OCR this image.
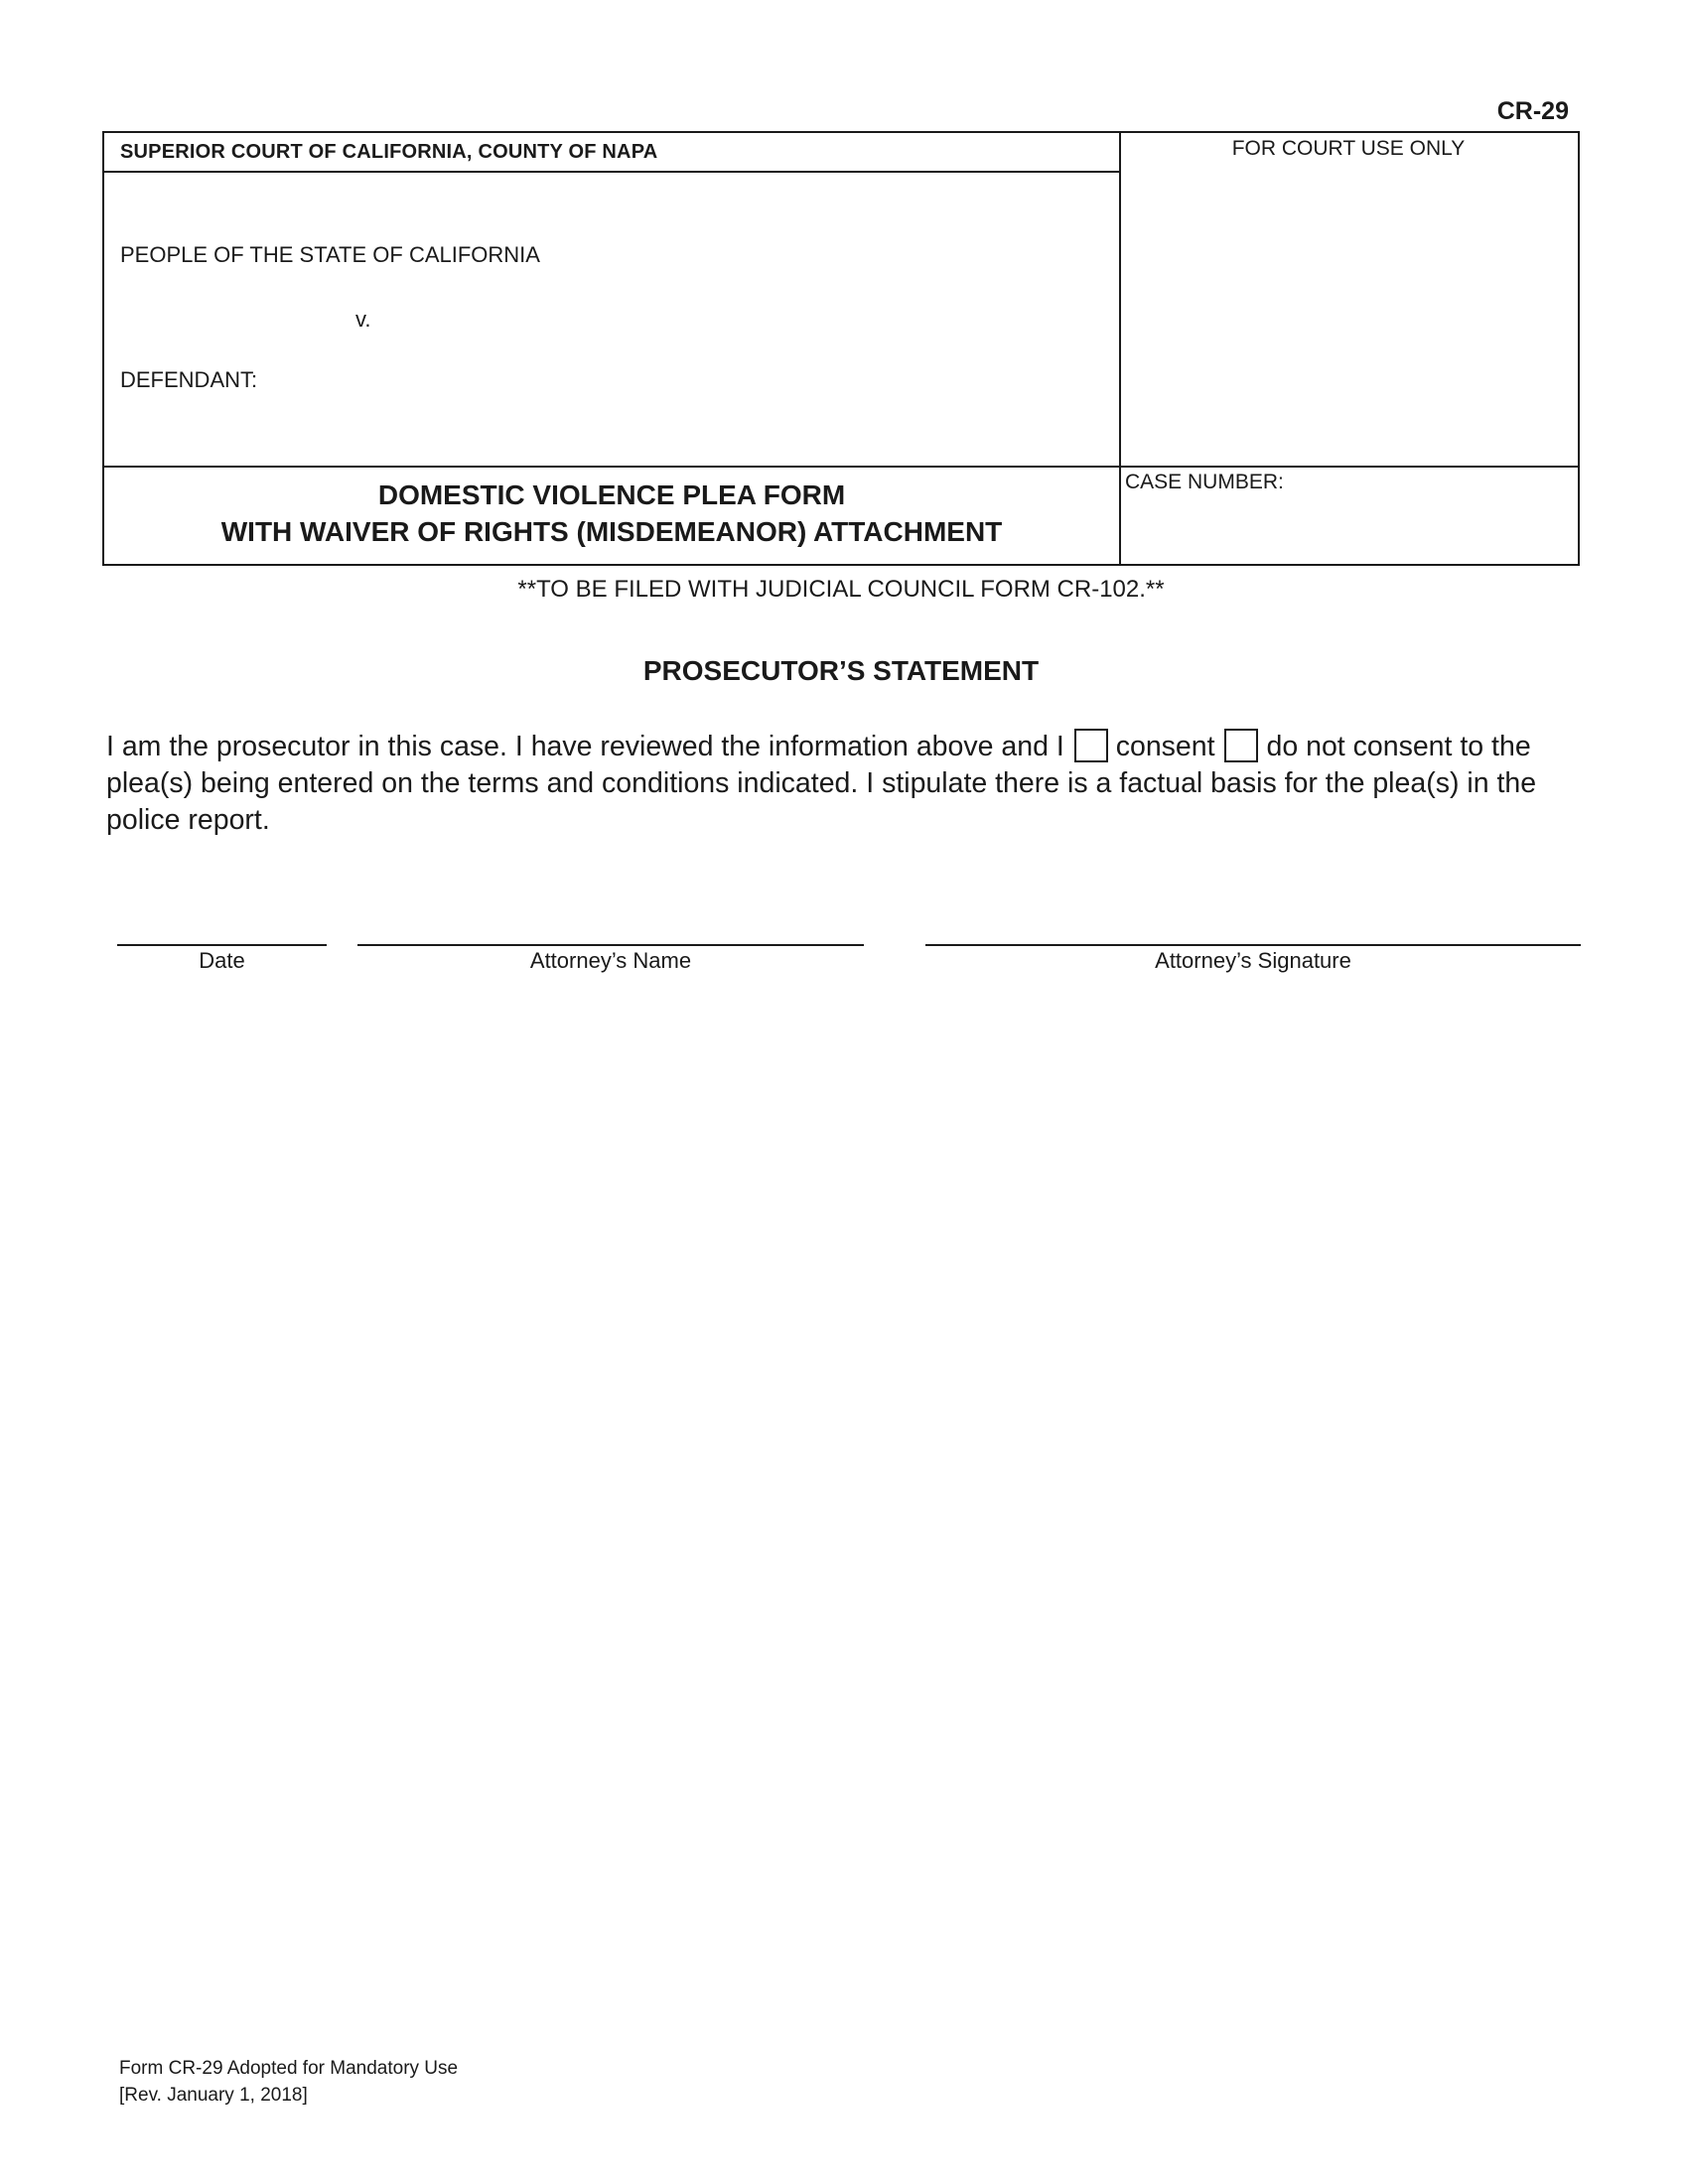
CR-29
SUPERIOR COURT OF CALIFORNIA, COUNTY OF NAPA	FOR COURT USE ONLY
PEOPLE OF THE STATE OF CALIFORNIA
v.
DEFENDANT:
DOMESTIC VIOLENCE PLEA FORM
WITH WAIVER OF RIGHTS (MISDEMEANOR) ATTACHMENT
CASE NUMBER:
**TO BE FILED WITH JUDICIAL COUNCIL FORM CR-102.**
PROSECUTOR’S STATEMENT
I am the prosecutor in this case. I have reviewed the information above and I consent do not consent to the plea(s) being entered on the terms and conditions indicated. I stipulate there is a factual basis for the plea(s) in the police report.
Date	Attorney’s Name	Attorney’s Signature
Form CR-29 Adopted for Mandatory Use
[Rev. January 1, 2018]
